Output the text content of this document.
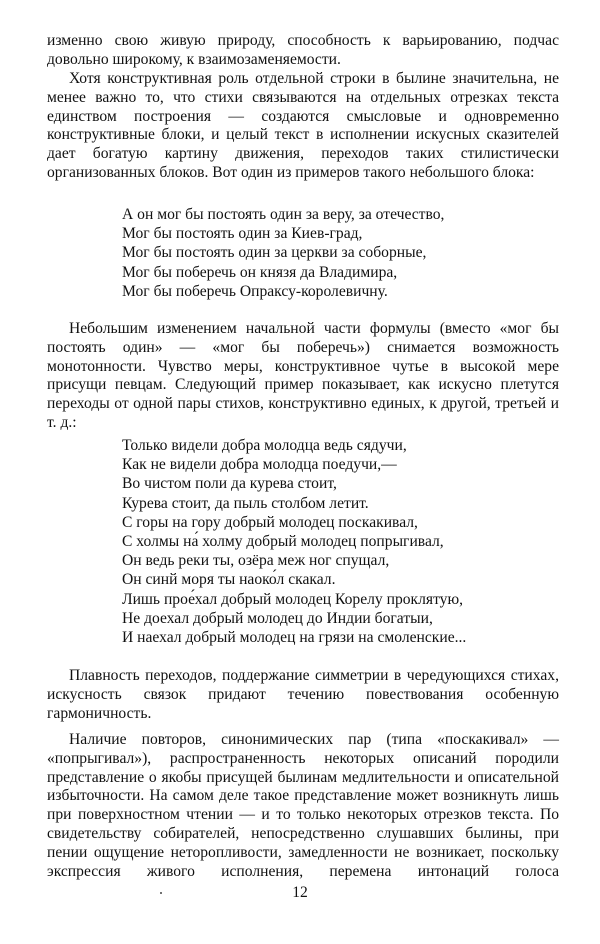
изменно свою живую природу, способность к варьированию, подчас довольно широкому, к взаимозаменяемости.

Хотя конструктивная роль отдельной строки в былине значительна, не менее важно то, что стихи связываются на отдельных отрезках текста единством построения — создаются смысловые и одновременно конструктивные блоки, и целый текст в исполнении искусных сказителей дает богатую картину движения, переходов таких стилистически организованных блоков. Вот один из примеров такого небольшого блока:

А он мог бы постоять один за веру, за отечество,
Мог бы постоять один за Киев-град,
Мог бы постоять один за церкви за соборные,
Мог бы поберечь он князя да Владимира,
Мог бы поберечь Опраксу-королевичну.

Небольшим изменением начальной части формулы (вместо «мог бы постоять один» — «мог бы поберечь») снимается возможность монотонности. Чувство меры, конструктивное чутье в высокой мере присущи певцам. Следующий пример показывает, как искусно плетутся переходы от одной пары стихов, конструктивно единых, к другой, третьей и т. д.:

Только видели добра молодца ведь сядучи,
Как не видели добра молодца поедучи,—
Во чистом поли да курева стоит,
Курева стоит, да пыль столбом летит.
С горы на гору добрый молодец поскакивал,
С холмы на́ холму добрый молодец попрыгивал,
Он ведь реки ты, озёра меж ног спущал,
Он синй моря ты наоко́л скакал.
Лишь прое́хал добрый молодец Корелу проклятую,
Не доехал добрый молодец до Индии богатыи,
И наехал добрый молодец на грязи на смоленские...

Плавность переходов, поддержание симметрии в чередующихся стихах, искусность связок придают течению повествования особенную гармоничность.

Наличие повторов, синонимических пар (типа «поскакивал» — «попрыгивал»), распространенность некоторых описаний породили представление о якобы присущей былинам медлительности и описательной избыточности. На самом деле такое представление может возникнуть лишь при поверхностном чтении — и то только некоторых отрезков текста. По свидетельству собирателей, непосредственно слушавших былины, при пении ощущение неторопливости, замедленности не возникает, поскольку экспрессия живого исполнения, перемена интонаций голоса

12
